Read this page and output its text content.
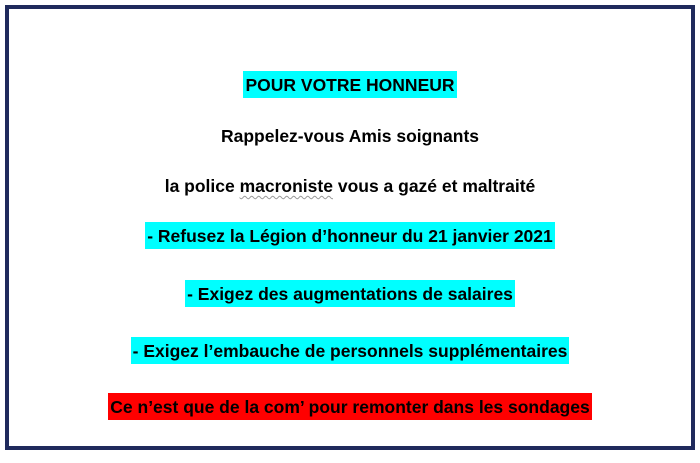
POUR VOTRE HONNEUR
Rappelez-vous Amis soignants
la police macroniste vous a gazé et maltraité
- Refusez la Légion d’honneur du 21 janvier 2021
- Exigez des augmentations de salaires
- Exigez l’embauche de personnels supplémentaires
Ce n’est que de la com’ pour remonter dans les sondages
